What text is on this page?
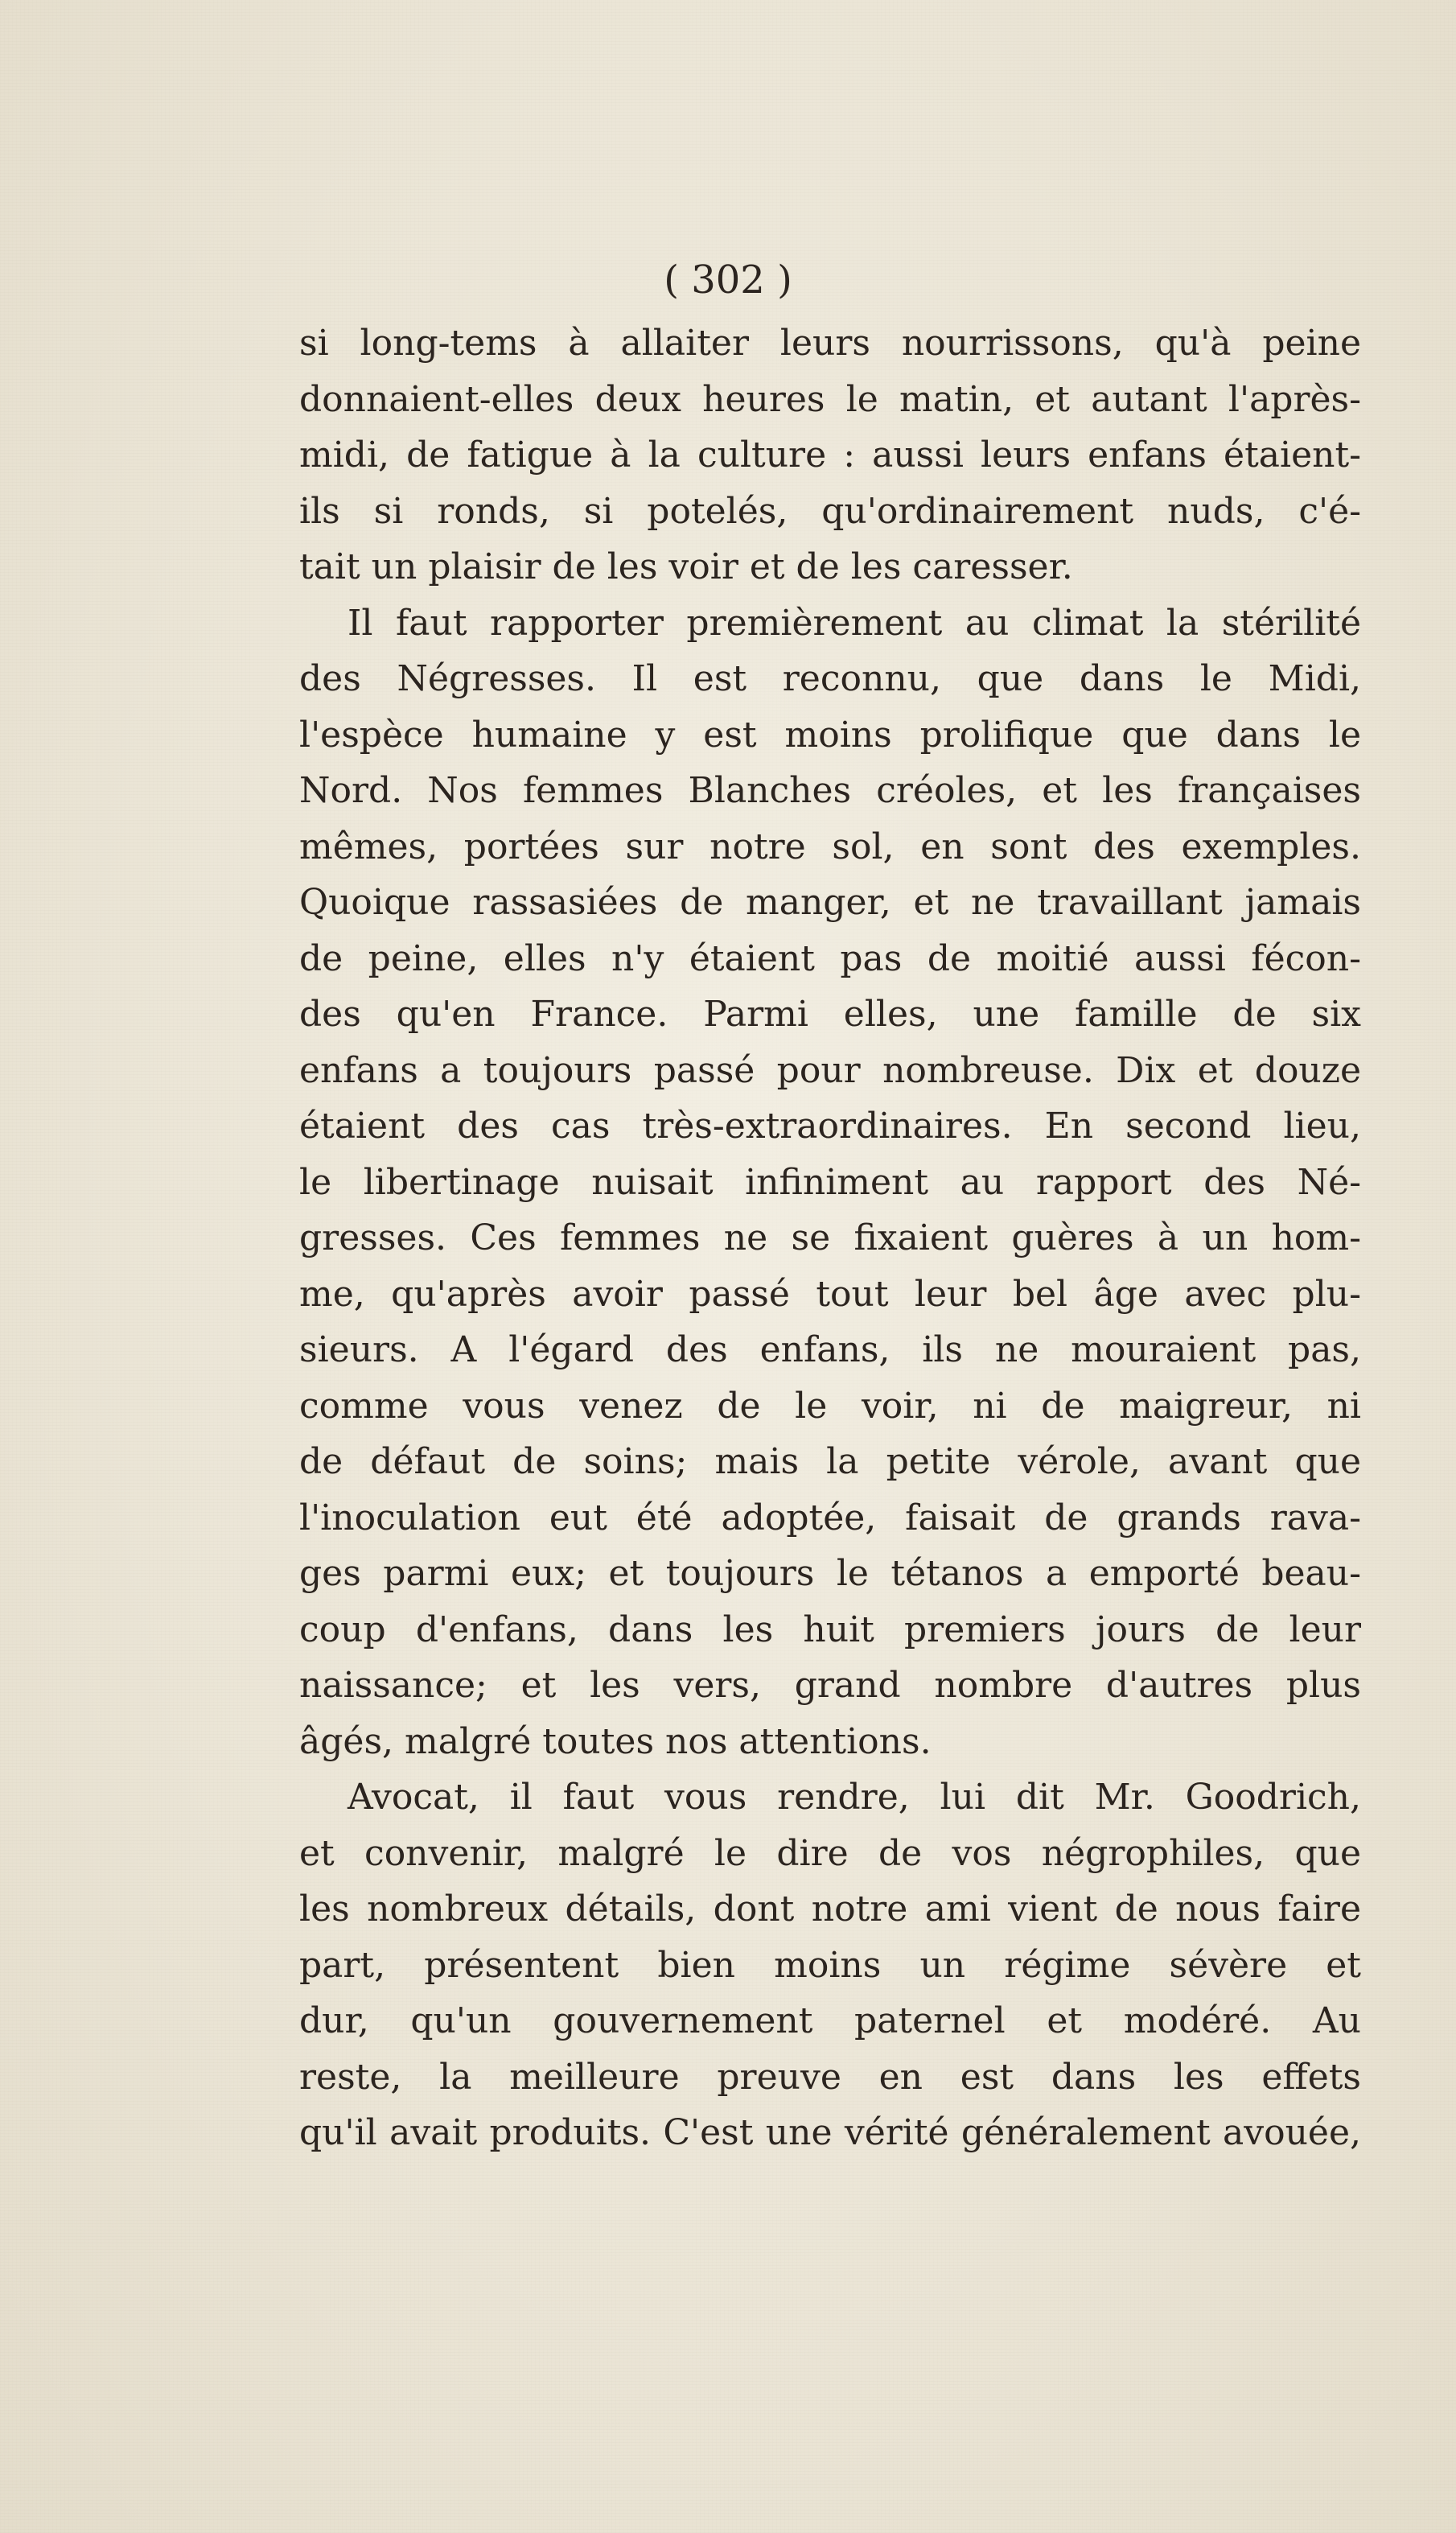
( 302 )

si long-tems à allaiter leurs nourrissons, qu'à peine
donnaient-elles deux heures le matin, et autant l'après-
midi, de fatigue à la culture : aussi leurs enfans étaient-
ils si ronds, si potelés, qu'ordinairement nuds, c'é-
tait un plaisir de les voir et de les caresser.
Il faut rapporter premièrement au climat la stérilité
des Négresses. Il est reconnu, que dans le Midi,
l'espèce humaine y est moins prolifique que dans le
Nord. Nos femmes Blanches créoles, et les françaises
mêmes, portées sur notre sol, en sont des exemples.
Quoique rassasiées de manger, et ne travaillant jamais
de peine, elles n'y étaient pas de moitié aussi fécon-
des qu'en France. Parmi elles, une famille de six
enfans a toujours passé pour nombreuse. Dix et douze
étaient des cas très-extraordinaires. En second lieu,
le libertinage nuisait infiniment au rapport des Né-
gresses. Ces femmes ne se fixaient guères à un hom-
me, qu'après avoir passé tout leur bel âge avec plu-
sieurs. A l'égard des enfans, ils ne mouraient pas,
comme vous venez de le voir, ni de maigreur, ni
de défaut de soins; mais la petite vérole, avant que
l'inoculation eut été adoptée, faisait de grands rava-
ges parmi eux; et toujours le tétanos a emporté beau-
coup d'enfans, dans les huit premiers jours de leur
naissance; et les vers, grand nombre d'autres plus
âgés, malgré toutes nos attentions.
Avocat, il faut vous rendre, lui dit Mr. Goodrich,
et convenir, malgré le dire de vos négrophiles, que
les nombreux détails, dont notre ami vient de nous faire
part, présentent bien moins un régime sévère et
dur, qu'un gouvernement paternel et modéré. Au
reste, la meilleure preuve en est dans les effets
qu'il avait produits. C'est une vérité généralement avouée,
